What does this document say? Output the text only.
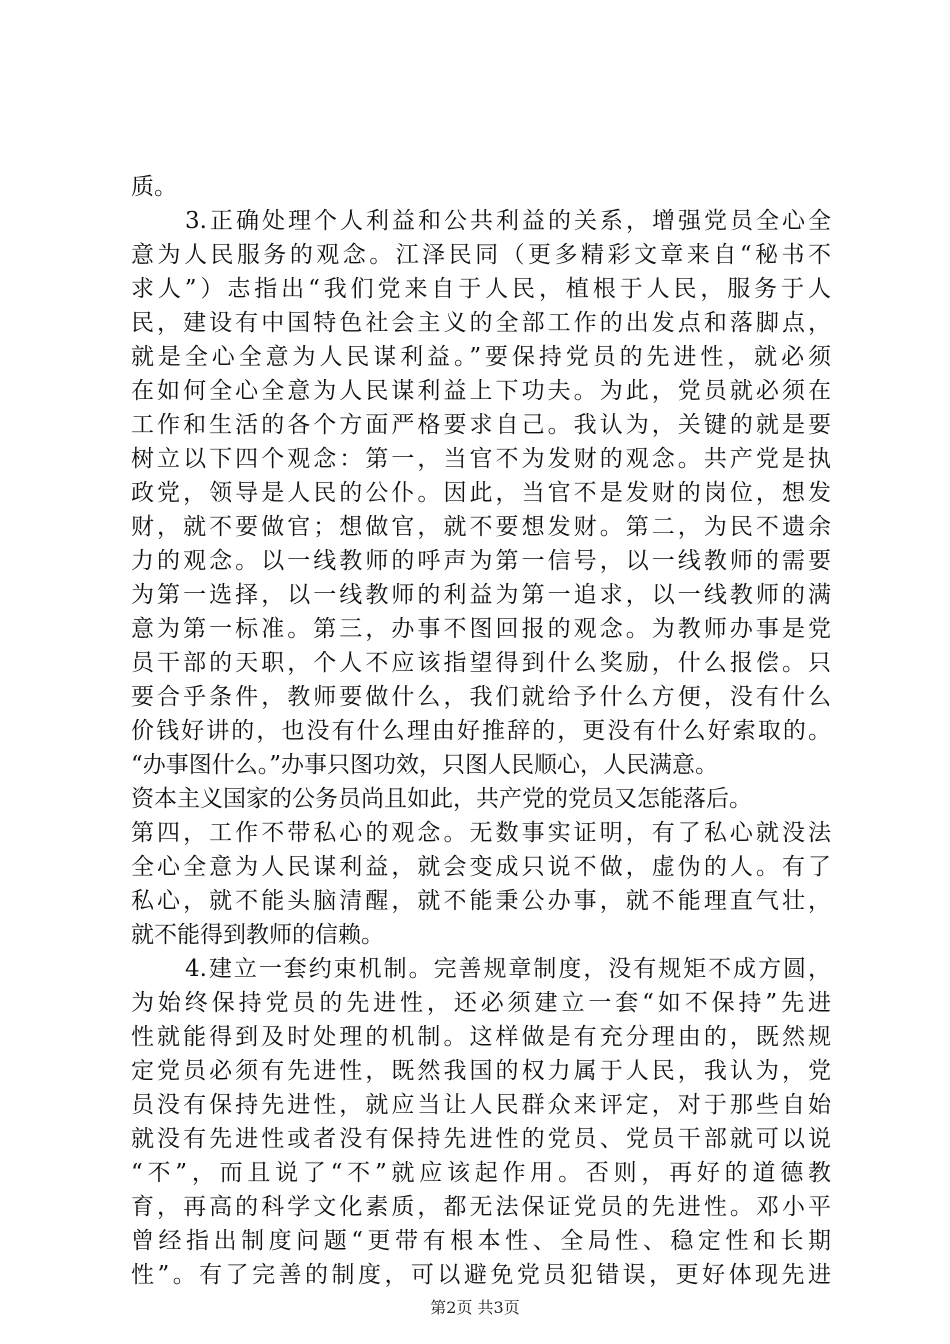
质。
3.正确处理个人利益和公共利益的关系，增强党员全心全
意为人民服务的观念。江泽民同（更多精彩文章来自“秘书不
求人”）志指出“我们党来自于人民，植根于人民，服务于人
民，建设有中国特色社会主义的全部工作的出发点和落脚点，
就是全心全意为人民谋利益。”要保持党员的先进性，就必须
在如何全心全意为人民谋利益上下功夫。为此，党员就必须在
工作和生活的各个方面严格要求自己。我认为，关键的就是要
树立以下四个观念：第一，当官不为发财的观念。共产党是执
政党，领导是人民的公仆。因此，当官不是发财的岗位，想发
财，就不要做官；想做官，就不要想发财。第二，为民不遗余
力的观念。以一线教师的呼声为第一信号，以一线教师的需要
为第一选择，以一线教师的利益为第一追求，以一线教师的满
意为第一标准。第三，办事不图回报的观念。为教师办事是党
员干部的天职，个人不应该指望得到什么奖励，什么报偿。只
要合乎条件，教师要做什么，我们就给予什么方便，没有什么
价钱好讲的，也没有什么理由好推辞的，更没有什么好索取的。
“办事图什么。”办事只图功效，只图人民顺心，人民满意。
资本主义国家的公务员尚且如此，共产党的党员又怎能落后。
第四，工作不带私心的观念。无数事实证明，有了私心就没法
全心全意为人民谋利益，就会变成只说不做，虚伪的人。有了
私心，就不能头脑清醒，就不能秉公办事，就不能理直气壮，
就不能得到教师的信赖。
4.建立一套约束机制。完善规章制度，没有规矩不成方圆，
为始终保持党员的先进性，还必须建立一套“如不保持”先进
性就能得到及时处理的机制。这样做是有充分理由的，既然规
定党员必须有先进性，既然我国的权力属于人民，我认为，党
员没有保持先进性，就应当让人民群众来评定，对于那些自始
就没有先进性或者没有保持先进性的党员、党员干部就可以说
“不”，而且说了“不”就应该起作用。否则，再好的道德教
育，再高的科学文化素质，都无法保证党员的先进性。邓小平
曾经指出制度问题“更带有根本性、全局性、稳定性和长期
性”。有了完善的制度，可以避免党员犯错误，更好体现先进
第2页 共3页
